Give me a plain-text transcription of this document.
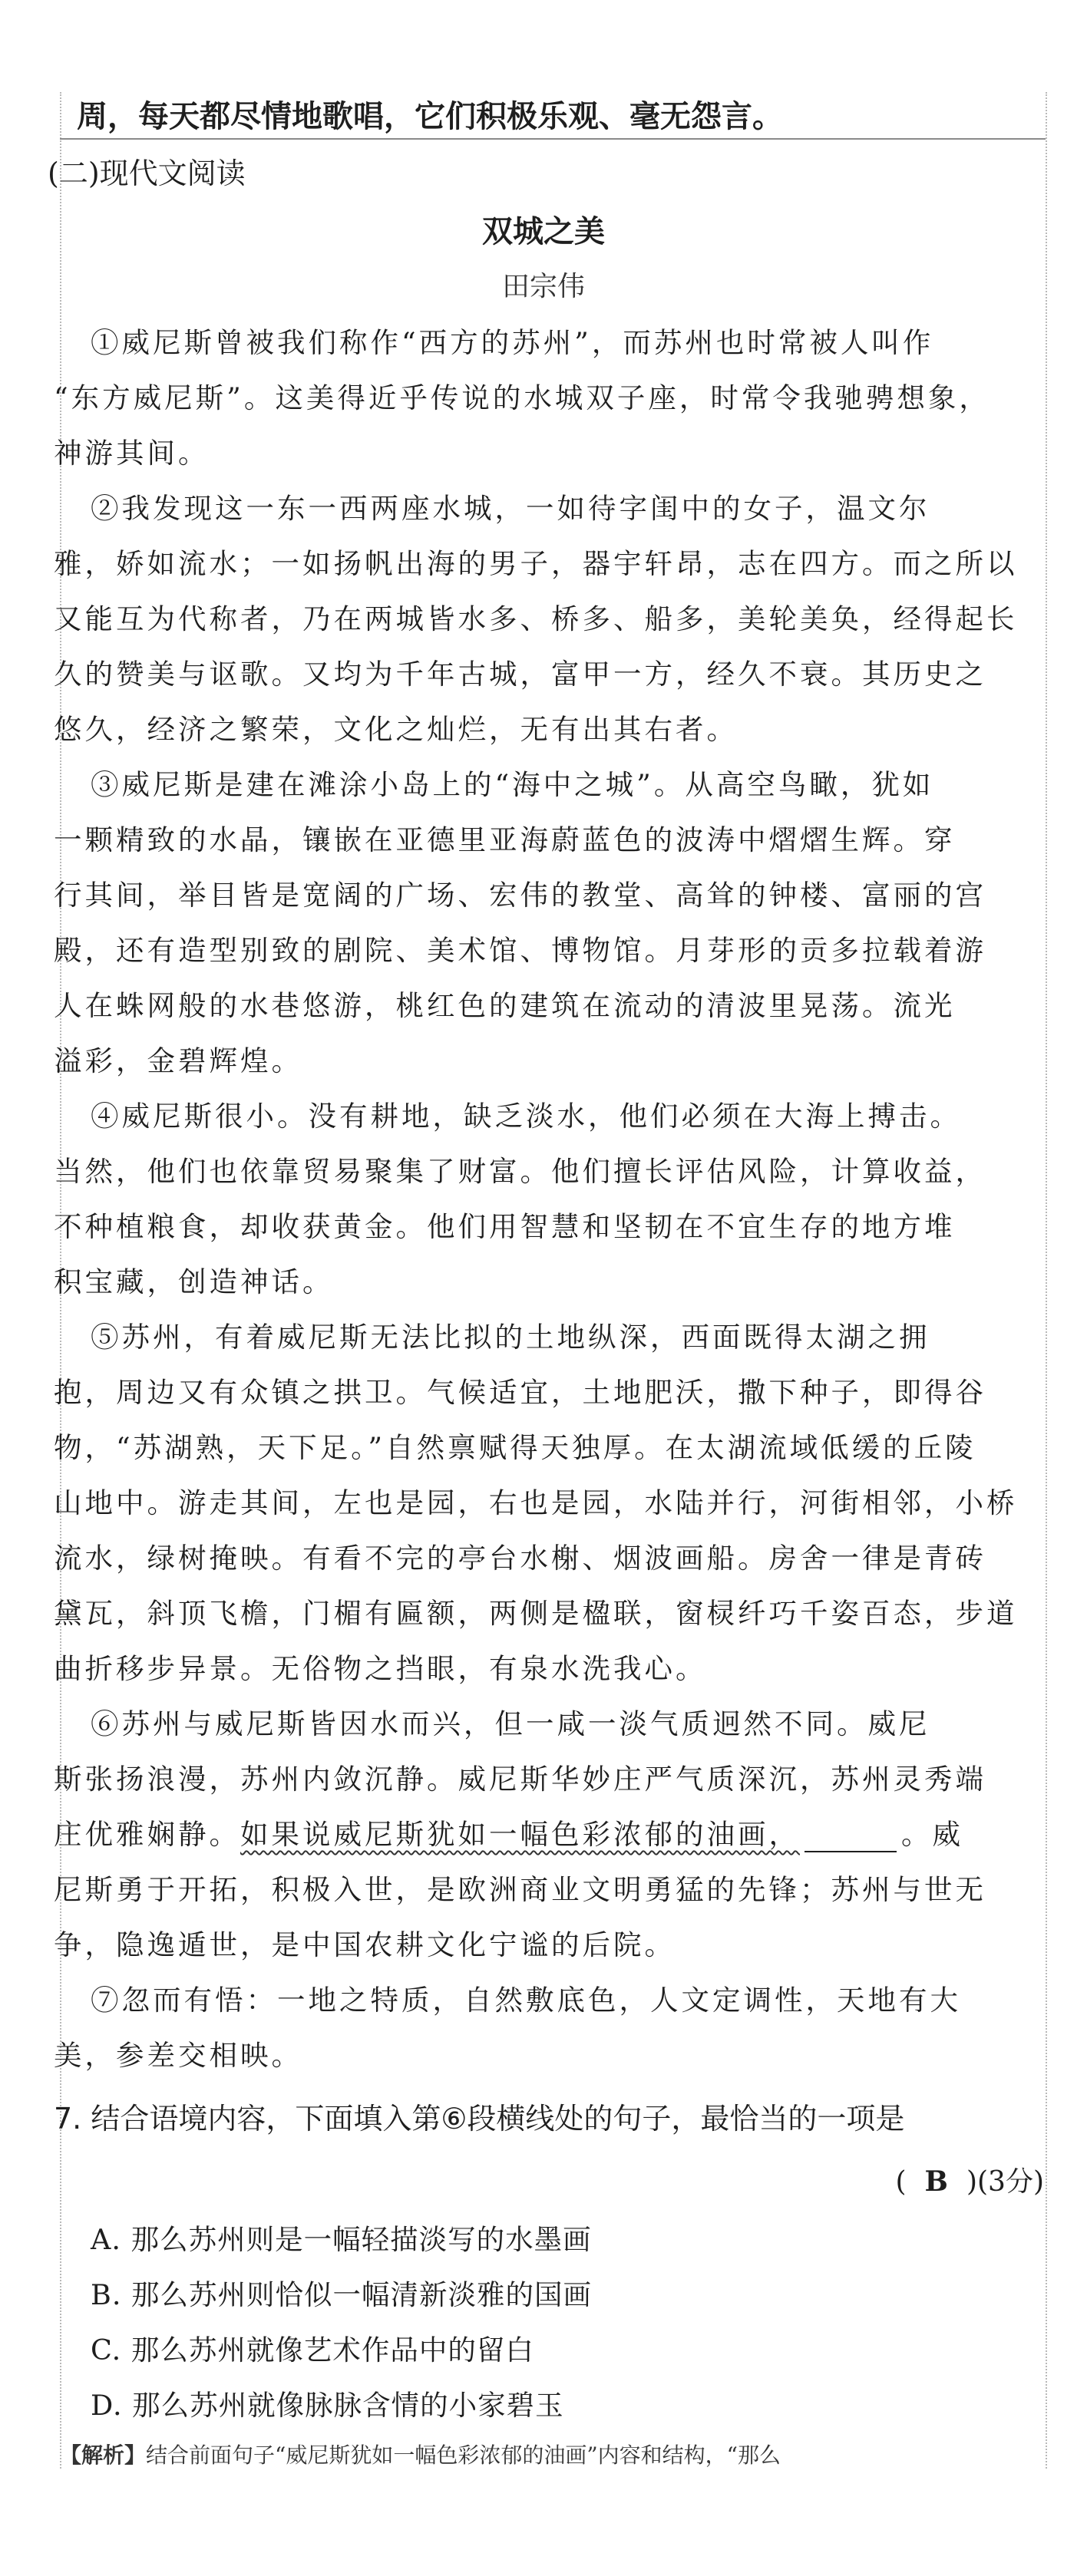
周，每天都尽情地歌唱，它们积极乐观、毫无怨言。
(二)现代文阅读
双城之美
田宗伟
①威尼斯曾被我们称作“西方的苏州”，而苏州也时常被人叫作
“东方威尼斯”。这美得近乎传说的水城双子座，时常令我驰骋想象，
神游其间。
②我发现这一东一西两座水城，一如待字闺中的女子，温文尔
雅，娇如流水；一如扬帆出海的男子，器宇轩昂，志在四方。而之所以
又能互为代称者，乃在两城皆水多、桥多、船多，美轮美奂，经得起长
久的赞美与讴歌。又均为千年古城，富甲一方，经久不衰。其历史之
悠久，经济之繁荣，文化之灿烂，无有出其右者。
③威尼斯是建在滩涂小岛上的“海中之城”。从高空鸟瞰，犹如
一颗精致的水晶，镶嵌在亚德里亚海蔚蓝色的波涛中熠熠生辉。穿
行其间，举目皆是宽阔的广场、宏伟的教堂、高耸的钟楼、富丽的宫
殿，还有造型别致的剧院、美术馆、博物馆。月芽形的贡多拉载着游
人在蛛网般的水巷悠游，桃红色的建筑在流动的清波里晃荡。流光
溢彩，金碧辉煌。
④威尼斯很小。没有耕地，缺乏淡水，他们必须在大海上搏击。
当然，他们也依靠贸易聚集了财富。他们擅长评估风险，计算收益，
不种植粮食，却收获黄金。他们用智慧和坚韧在不宜生存的地方堆
积宝藏，创造神话。
⑤苏州，有着威尼斯无法比拟的土地纵深，西面既得太湖之拥
抱，周边又有众镇之拱卫。气候适宜，土地肥沃，撒下种子，即得谷
物，“苏湖熟，天下足。”自然禀赋得天独厚。在太湖流域低缓的丘陵
山地中。游走其间，左也是园，右也是园，水陆并行，河街相邻，小桥
流水，绿树掩映。有看不完的亭台水榭、烟波画船。房舍一律是青砖
黛瓦，斜顶飞檐，门楣有匾额，两侧是楹联，窗棂纤巧千姿百态，步道
曲折移步异景。无俗物之挡眼，有泉水洗我心。
⑥苏州与威尼斯皆因水而兴，但一咸一淡气质迥然不同。威尼
斯张扬浪漫，苏州内敛沉静。威尼斯华妙庄严气质深沉，苏州灵秀端
庄优雅娴静。如果说威尼斯犹如一幅色彩浓郁的油画，	。威
尼斯勇于开拓，积极入世，是欧洲商业文明勇猛的先锋；苏州与世无
争，隐逸遁世，是中国农耕文化宁谧的后院。
⑦忽而有悟：一地之特质，自然敷底色，人文定调性，天地有大
美，参差交相映。
7. 结合语境内容，下面填入第⑥段横线处的句子，最恰当的一项是
( B )(3分)
A. 那么苏州则是一幅轻描淡写的水墨画
B. 那么苏州则恰似一幅清新淡雅的国画
C. 那么苏州就像艺术作品中的留白
D. 那么苏州就像脉脉含情的小家碧玉
【解析】结合前面句子“威尼斯犹如一幅色彩浓郁的油画”内容和结构，“那么
